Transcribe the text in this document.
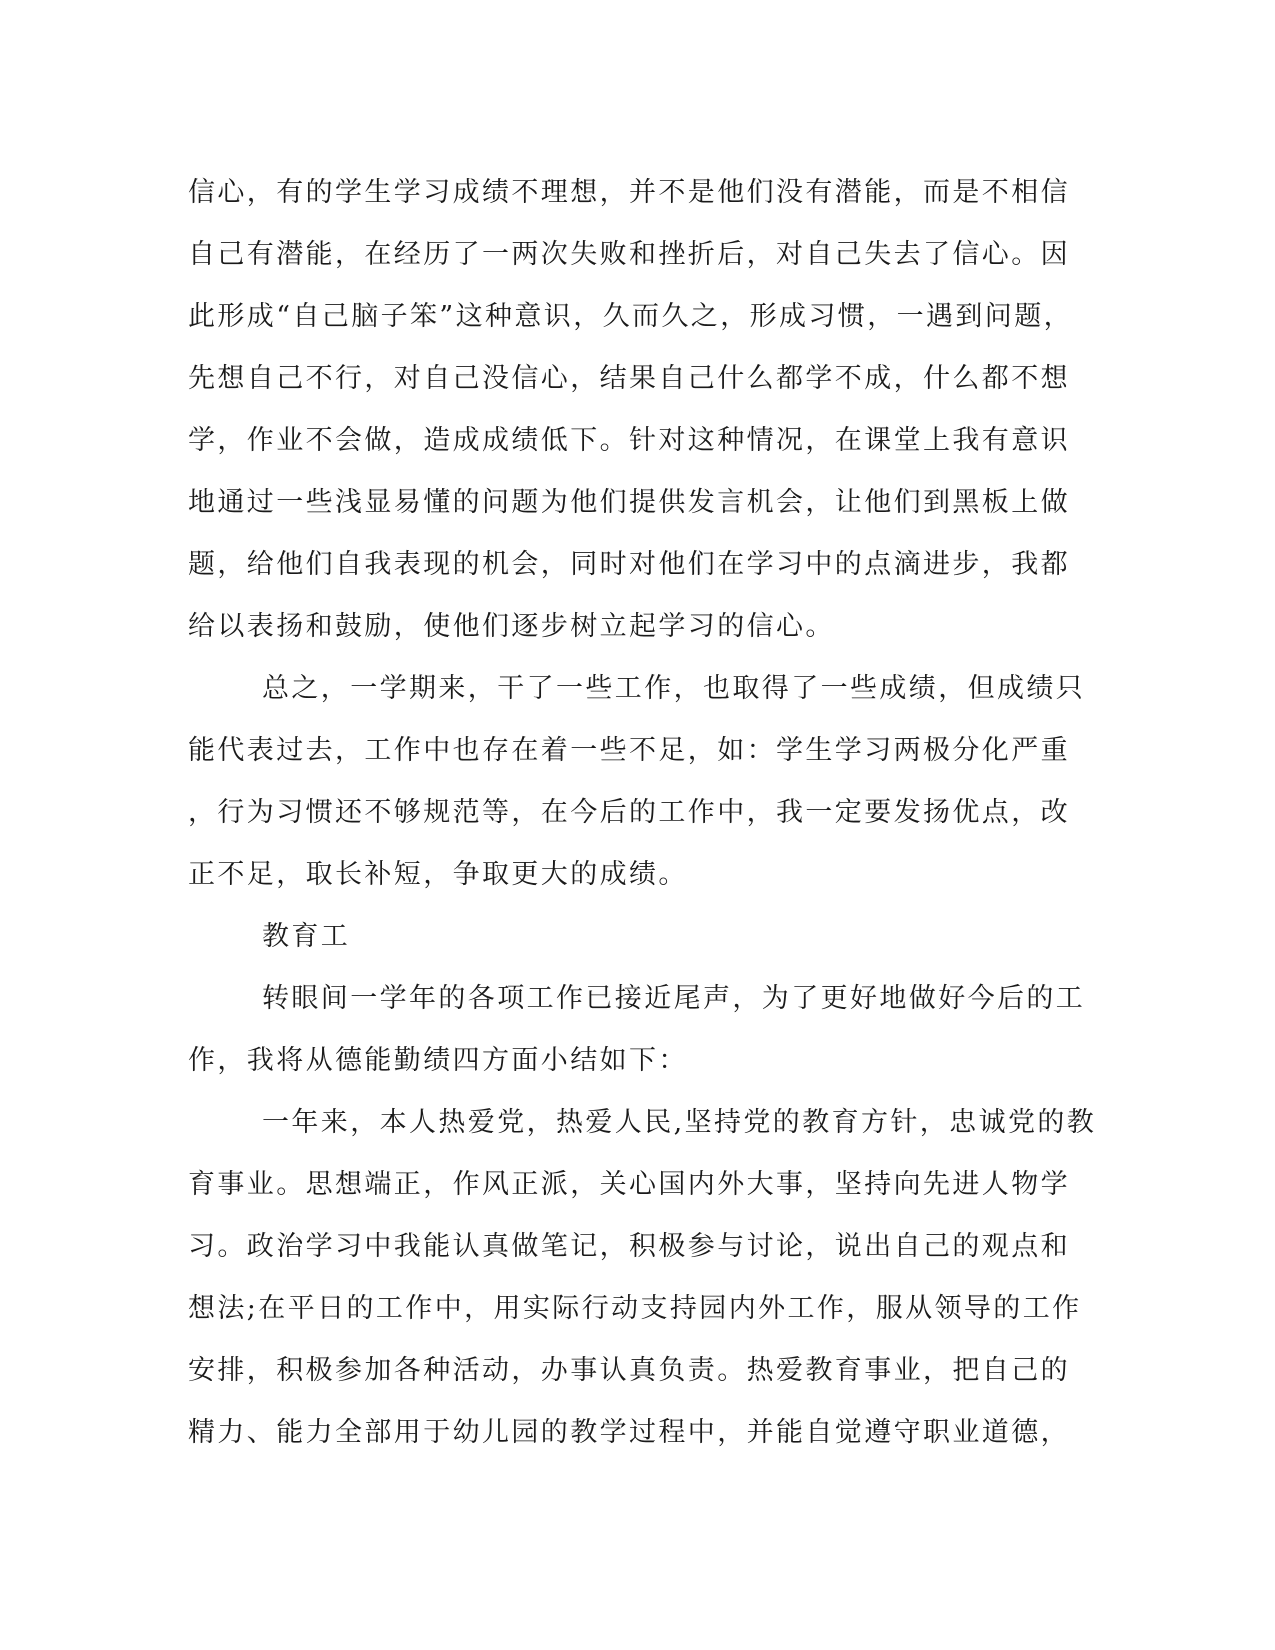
信心，有的学生学习成绩不理想，并不是他们没有潜能，而是不相信
自己有潜能，在经历了一两次失败和挫折后，对自己失去了信心。因
此形成“自己脑子笨”这种意识，久而久之，形成习惯，一遇到问题，
先想自己不行，对自己没信心，结果自己什么都学不成，什么都不想
学，作业不会做，造成成绩低下。针对这种情况，在课堂上我有意识
地通过一些浅显易懂的问题为他们提供发言机会，让他们到黑板上做
题，给他们自我表现的机会，同时对他们在学习中的点滴进步，我都
给以表扬和鼓励，使他们逐步树立起学习的信心。
总之，一学期来，干了一些工作，也取得了一些成绩，但成绩只
能代表过去，工作中也存在着一些不足，如：学生学习两极分化严重
，行为习惯还不够规范等，在今后的工作中，我一定要发扬优点，改
正不足，取长补短，争取更大的成绩。
教育工
转眼间一学年的各项工作已接近尾声，为了更好地做好今后的工
作，我将从德能勤绩四方面小结如下：
一年来，本人热爱党，热爱人民,坚持党的教育方针，忠诚党的教
育事业。思想端正，作风正派，关心国内外大事，坚持向先进人物学
习。政治学习中我能认真做笔记，积极参与讨论，说出自己的观点和
想法;在平日的工作中，用实际行动支持园内外工作，服从领导的工作
安排，积极参加各种活动，办事认真负责。热爱教育事业，把自己的
精力、能力全部用于幼儿园的教学过程中，并能自觉遵守职业道德，
